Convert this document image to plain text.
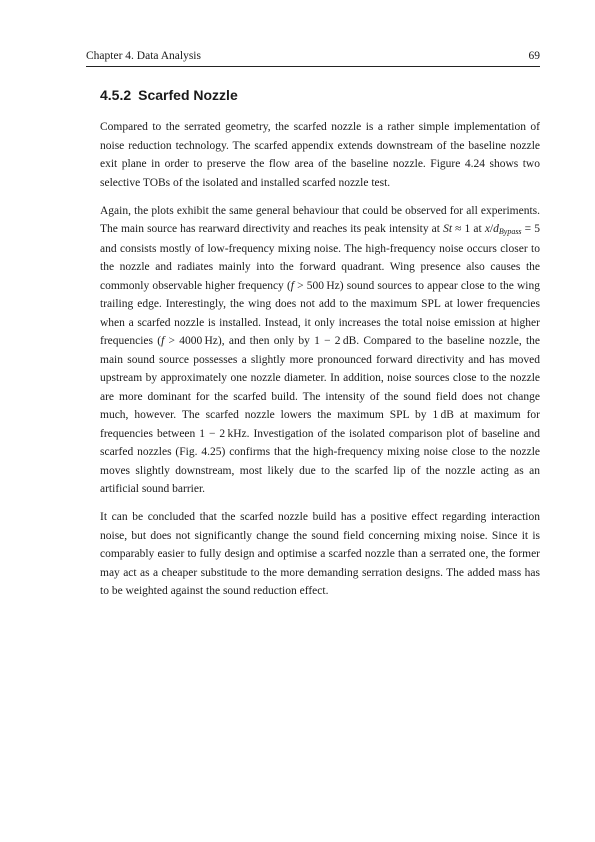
Chapter 4. Data Analysis	69
4.5.2 Scarfed Nozzle

Compared to the serrated geometry, the scarfed nozzle is a rather simple implementation of noise reduction technology. The scarfed appendix extends downstream of the baseline nozzle exit plane in order to preserve the flow area of the baseline nozzle. Figure 4.24 shows two selective TOBs of the isolated and installed scarfed nozzle test.

Again, the plots exhibit the same general behaviour that could be observed for all experiments. The main source has rearward directivity and reaches its peak intensity at St ≈ 1 at x/dBypass = 5 and consists mostly of low-frequency mixing noise. The high-frequency noise occurs closer to the nozzle and radiates mainly into the forward quadrant. Wing presence also causes the commonly observable higher frequency (f > 500 Hz) sound sources to appear close to the wing trailing edge. Interestingly, the wing does not add to the maximum SPL at lower frequencies when a scarfed nozzle is installed. Instead, it only increases the total noise emission at higher frequencies (f > 4000 Hz), and then only by 1 − 2 dB. Compared to the baseline nozzle, the main sound source possesses a slightly more pronounced forward directivity and has moved upstream by approximately one nozzle diameter. In addition, noise sources close to the nozzle are more dominant for the scarfed build. The intensity of the sound field does not change much, however. The scarfed nozzle lowers the maximum SPL by 1 dB at maximum for frequencies between 1 − 2 kHz. Investigation of the isolated comparison plot of baseline and scarfed nozzles (Fig. 4.25) confirms that the high-frequency mixing noise close to the nozzle moves slightly downstream, most likely due to the scarfed lip of the nozzle acting as an artificial sound barrier.

It can be concluded that the scarfed nozzle build has a positive effect regarding interaction noise, but does not significantly change the sound field concerning mixing noise. Since it is comparably easier to fully design and optimise a scarfed nozzle than a serrated one, the former may act as a cheaper substitude to the more demanding serration designs. The added mass has to be weighted against the sound reduction effect.
